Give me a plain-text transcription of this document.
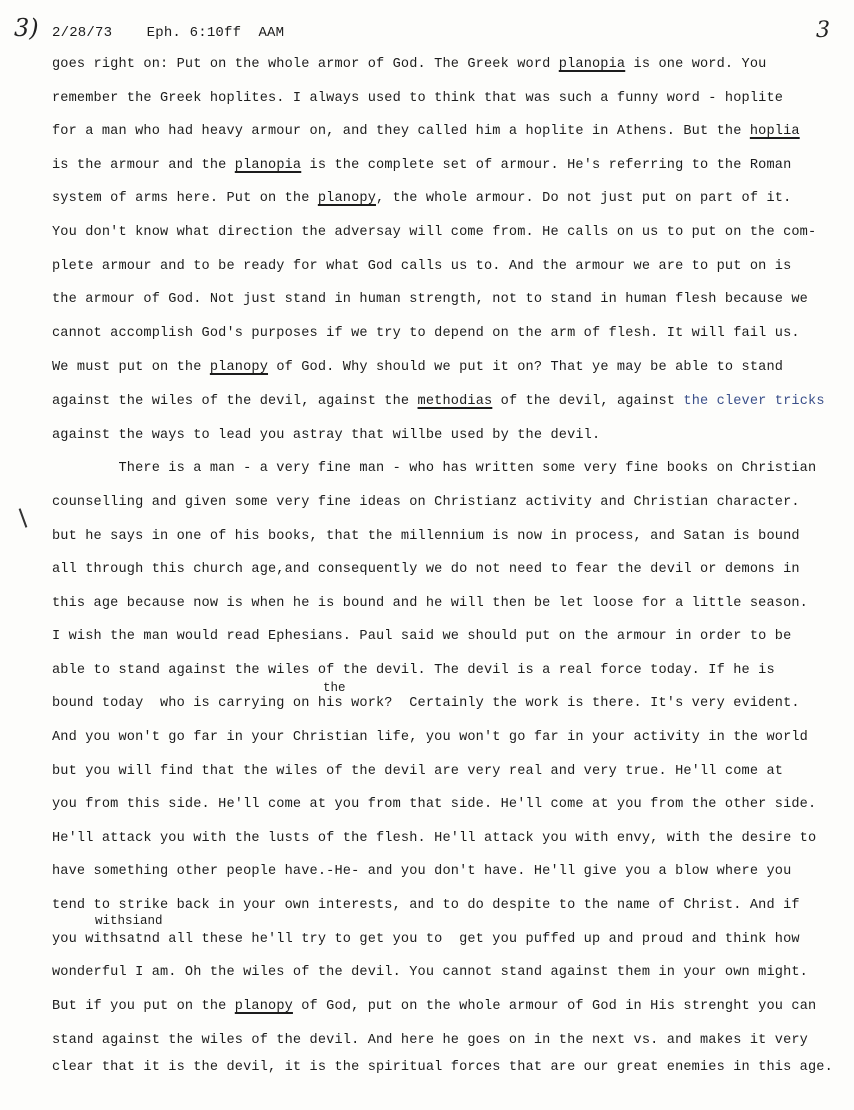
3)	3
2/28/73 Eph. 6:10ff AAM
goes right on: Put on the whole armor of God. The Greek word planopia is one word. You
remember the Greek hoplites. I always used to think that was such a funny word - hoplite
for a man who had heavy armour on, and they called him a hoplite in Athens. But the hoplia
is the armour and the planopia is the complete set of armour. He's referring to the Roman
system of arms here. Put on the planopy, the whole armour. Do not just put on part of it.
You don't know what direction the adversay will come from. He calls on us to put on the com-
plete armour and to be ready for what God calls us to. And the armour we are to put on is
the armour of God. Not just stand in human strength, not to stand in human flesh because we
cannot accomplish God's purposes if we try to depend on the arm of flesh. It will fail us.
We must put on the planopy of God. Why should we put it on? That ye may be able to stand
against the wiles of the devil, against the methodias of the devil, against the clever tricks
against the ways to lead you astray that willbe used by the devil.
There is a man - a very fine man - who has written some very fine books on Christian
counselling and given some very fine ideas on Christianz activity and Christian character.
but he says in one of his books, that the millennium is now in process, and Satan is bound
all through this church age,and consequently we do not need to fear the devil or demons in
this age because now is when he is bound and he will then be let loose for a little season.
I wish the man would read Ephesians. Paul said we should put on the armour in order to be
able to stand against the wiles of the devil. The devil is a real force today. If he is
bound today  who is carrying on his work?  Certainly the work is there. It's very evident.
And you won't go far in your Christian life, you won't go far in your activity in the world
but you will find that the wiles of the devil are very real and very true. He'll come at
you from this side. He'll come at you from that side. He'll come at you from the other side.
He'll attack you with the lusts of the flesh. He'll attack you with envy, with the desire to
have something other people have.-He- and you don't have. He'll give you a blow where you
tend to strike back in your own interests, and to do despite to the name of Christ. And if
you withsatnd all these he'll try to get you to  get you puffed up and proud and think how
wonderful I am. Oh the wiles of the devil. You cannot stand against them in your own might.
But if you put on the planopy of God, put on the whole armour of God in His strenght you can
stand against the wiles of the devil. And here he goes on in the next vs. and makes it very
clear that it is the devil, it is the spiritual forces that are our great enemies in this age.
the
withsiand
